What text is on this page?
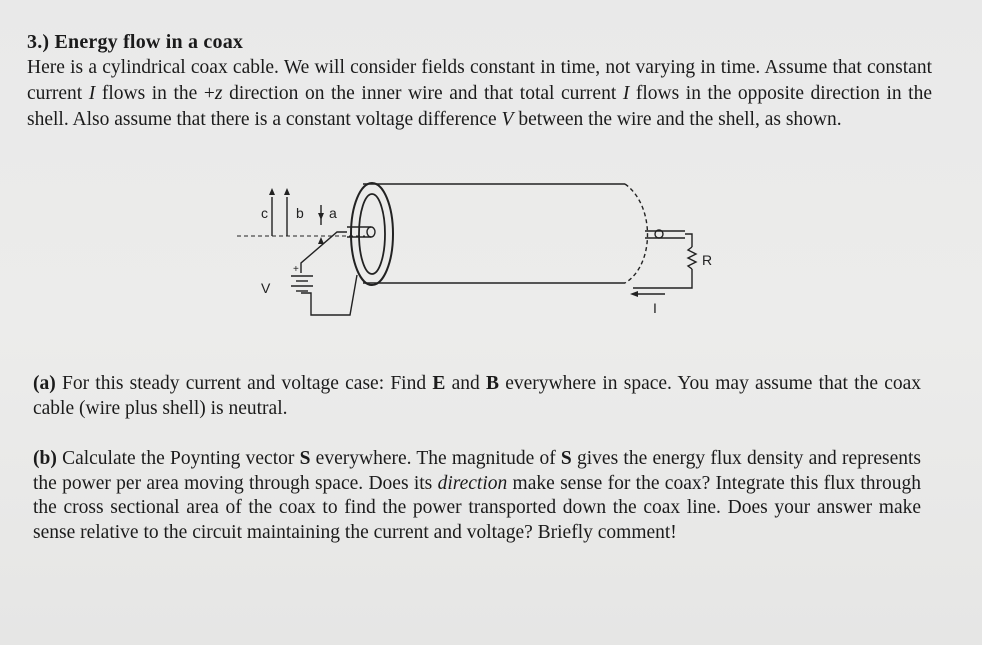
3.) Energy flow in a coax
Here is a cylindrical coax cable. We will consider fields constant in time, not varying in time. Assume that constant current I flows in the +z direction on the inner wire and that total current I flows in the opposite direction in the shell. Also assume that there is a constant voltage difference V between the wire and the shell, as shown.
c b a
+
V
R
I
(a) For this steady current and voltage case: Find E and B everywhere in space. You may assume that the coax cable (wire plus shell) is neutral.
(b) Calculate the Poynting vector S everywhere. The magnitude of S gives the energy flux density and represents the power per area moving through space. Does its direction make sense for the coax? Integrate this flux through the cross sectional area of the coax to find the power transported down the coax line. Does your answer make sense relative to the circuit maintaining the current and voltage? Briefly comment!
